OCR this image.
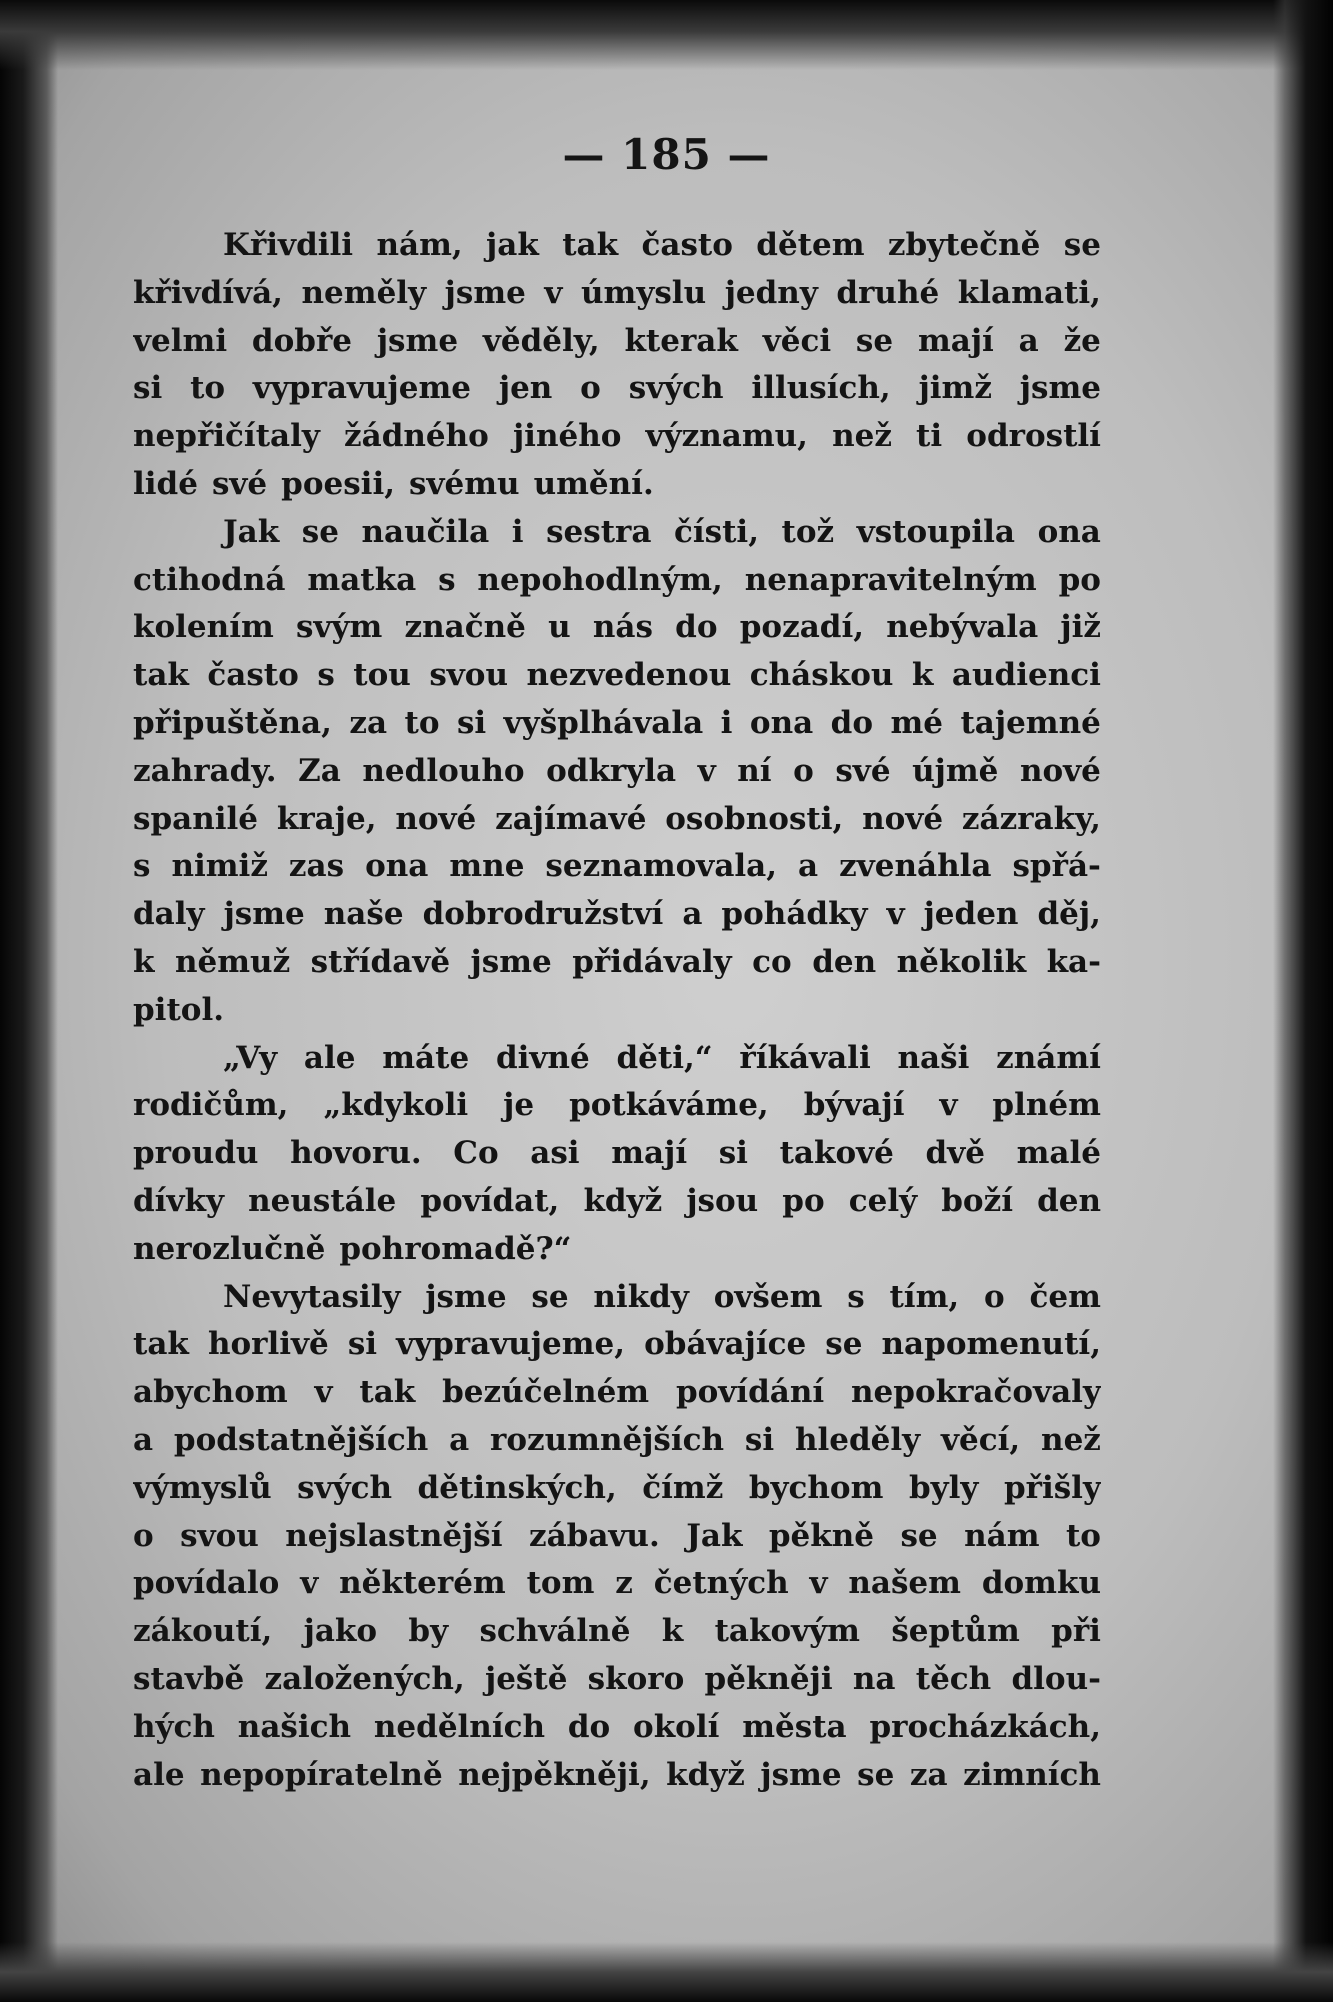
— 185 —
Křivdili nám, jak tak často dětem zbytečně se
křivdívá, neměly jsme v úmyslu jedny druhé klamati,
velmi dobře jsme věděly, kterak věci se mají a že
si to vypravujeme jen o svých illusích, jimž jsme
nepřičítaly žádného jiného významu, než ti odrostlí
lidé své poesii, svému umění.
Jak se naučila i sestra čísti, tož vstoupila ona
ctihodná matka s nepohodlným, nenapravitelným po
kolením svým značně u nás do pozadí, nebývala již
tak často s tou svou nezvedenou cháskou k audienci
připuštěna, za to si vyšplhávala i ona do mé tajemné
zahrady. Za nedlouho odkryla v ní o své újmě nové
spanilé kraje, nové zajímavé osobnosti, nové zázraky,
s nimiž zas ona mne seznamovala, a zvenáhla spřá-
daly jsme naše dobrodružství a pohádky v jeden děj,
k němuž střídavě jsme přidávaly co den několik ka-
pitol.
„Vy ale máte divné děti,“ říkávali naši známí
rodičům, „kdykoli je potkáváme, bývají v plném
proudu hovoru. Co asi mají si takové dvě malé
dívky neustále povídat, když jsou po celý boží den
nerozlučně pohromadě?“
Nevytasily jsme se nikdy ovšem s tím, o čem
tak horlivě si vypravujeme, obávajíce se napomenutí,
abychom v tak bezúčelném povídání nepokračovaly
a podstatnějších a rozumnějších si hleděly věcí, než
výmyslů svých dětinských, čímž bychom byly přišly
o svou nejslastnější zábavu. Jak pěkně se nám to
povídalo v některém tom z četných v našem domku
zákoutí, jako by schválně k takovým šeptům při
stavbě založených, ještě skoro pěkněji na těch dlou-
hých našich nedělních do okolí města procházkách,
ale nepopíratelně nejpěkněji, když jsme se za zimních
